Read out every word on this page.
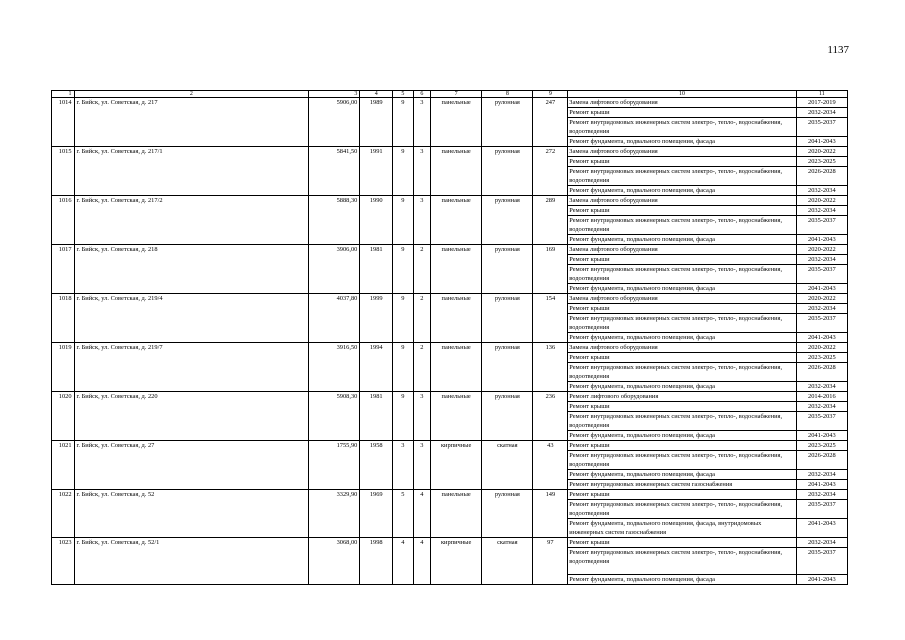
1137
1	2	3	4	5	6	7	8	9	10	11
1014	г. Бийск, ул. Советская, д. 217	5906,00	1989	9	3	панельные	рулонная	247	Замена лифтового оборудования	2017-2019
									Ремонт крыши	2032-2034
									Ремонт внутридомовых инженерных систем электро-, тепло-, водоснабжения, водоотведения	2035-2037
									Ремонт фундамента, подвального помещения, фасада	2041-2043
1015	г. Бийск, ул. Советская, д. 217/1	5841,50	1991	9	3	панельные	рулонная	272	Замена лифтового оборудования	2020-2022
									Ремонт крыши	2023-2025
									Ремонт внутридомовых инженерных систем электро-, тепло-, водоснабжения, водоотведения	2026-2028
									Ремонт фундамента, подвального помещения, фасада	2032-2034
1016	г. Бийск, ул. Советская, д. 217/2	5888,30	1990	9	3	панельные	рулонная	289	Замена лифтового оборудования	2020-2022
									Ремонт крыши	2032-2034
									Ремонт внутридомовых инженерных систем электро-, тепло-, водоснабжения, водоотведения	2035-2037
									Ремонт фундамента, подвального помещения, фасада	2041-2043
1017	г. Бийск, ул. Советская, д. 218	3906,00	1981	9	2	панельные	рулонная	169	Замена лифтового оборудования	2020-2022
									Ремонт крыши	2032-2034
									Ремонт внутридомовых инженерных систем электро-, тепло-, водоснабжения, водоотведения	2035-2037
									Ремонт фундамента, подвального помещения, фасада	2041-2043
1018	г. Бийск, ул. Советская, д. 219/4	4037,80	1999	9	2	панельные	рулонная	154	Замена лифтового оборудования	2020-2022
									Ремонт крыши	2032-2034
									Ремонт внутридомовых инженерных систем электро-, тепло-, водоснабжения, водоотведения	2035-2037
									Ремонт фундамента, подвального помещения, фасада	2041-2043
1019	г. Бийск, ул. Советская, д. 219/7	3916,50	1994	9	2	панельные	рулонная	136	Замена лифтового оборудования	2020-2022
									Ремонт крыши	2023-2025
									Ремонт внутридомовых инженерных систем электро-, тепло-, водоснабжения, водоотведения	2026-2028
									Ремонт фундамента, подвального помещения, фасада	2032-2034
1020	г. Бийск, ул. Советская, д. 220	5908,30	1981	9	3	панельные	рулонная	236	Ремонт лифтового оборудования	2014-2016
									Ремонт крыши	2032-2034
									Ремонт внутридомовых инженерных систем электро-, тепло-, водоснабжения, водоотведения	2035-2037
									Ремонт фундамента, подвального помещения, фасада	2041-2043
1021	г. Бийск, ул. Советская, д. 27	1755,90	1958	3	3	кирпичные	скатная	43	Ремонт крыши	2023-2025
									Ремонт внутридомовых инженерных систем электро-, тепло-, водоснабжения, водоотведения	2026-2028
									Ремонт фундамента, подвального помещения, фасада	2032-2034
									Ремонт внутридомовых инженерных систем газоснабжения	2041-2043
1022	г. Бийск, ул. Советская, д. 52	3329,90	1969	5	4	панельные	рулонная	149	Ремонт крыши	2032-2034
									Ремонт внутридомовых инженерных систем электро-, тепло-, водоснабжения, водоотведения	2035-2037
									Ремонт фундамента, подвального помещения, фасада, внутридомовых инженерных систем газоснабжения	2041-2043
1023	г. Бийск, ул. Советская, д. 52/1	3068,00	1998	4	4	кирпичные	скатная	97	Ремонт крыши	2032-2034
									Ремонт внутридомовых инженерных систем электро-, тепло-, водоснабжения, водоотведения	2035-2037
									Ремонт фундамента, подвального помещения, фасада	2041-2043
